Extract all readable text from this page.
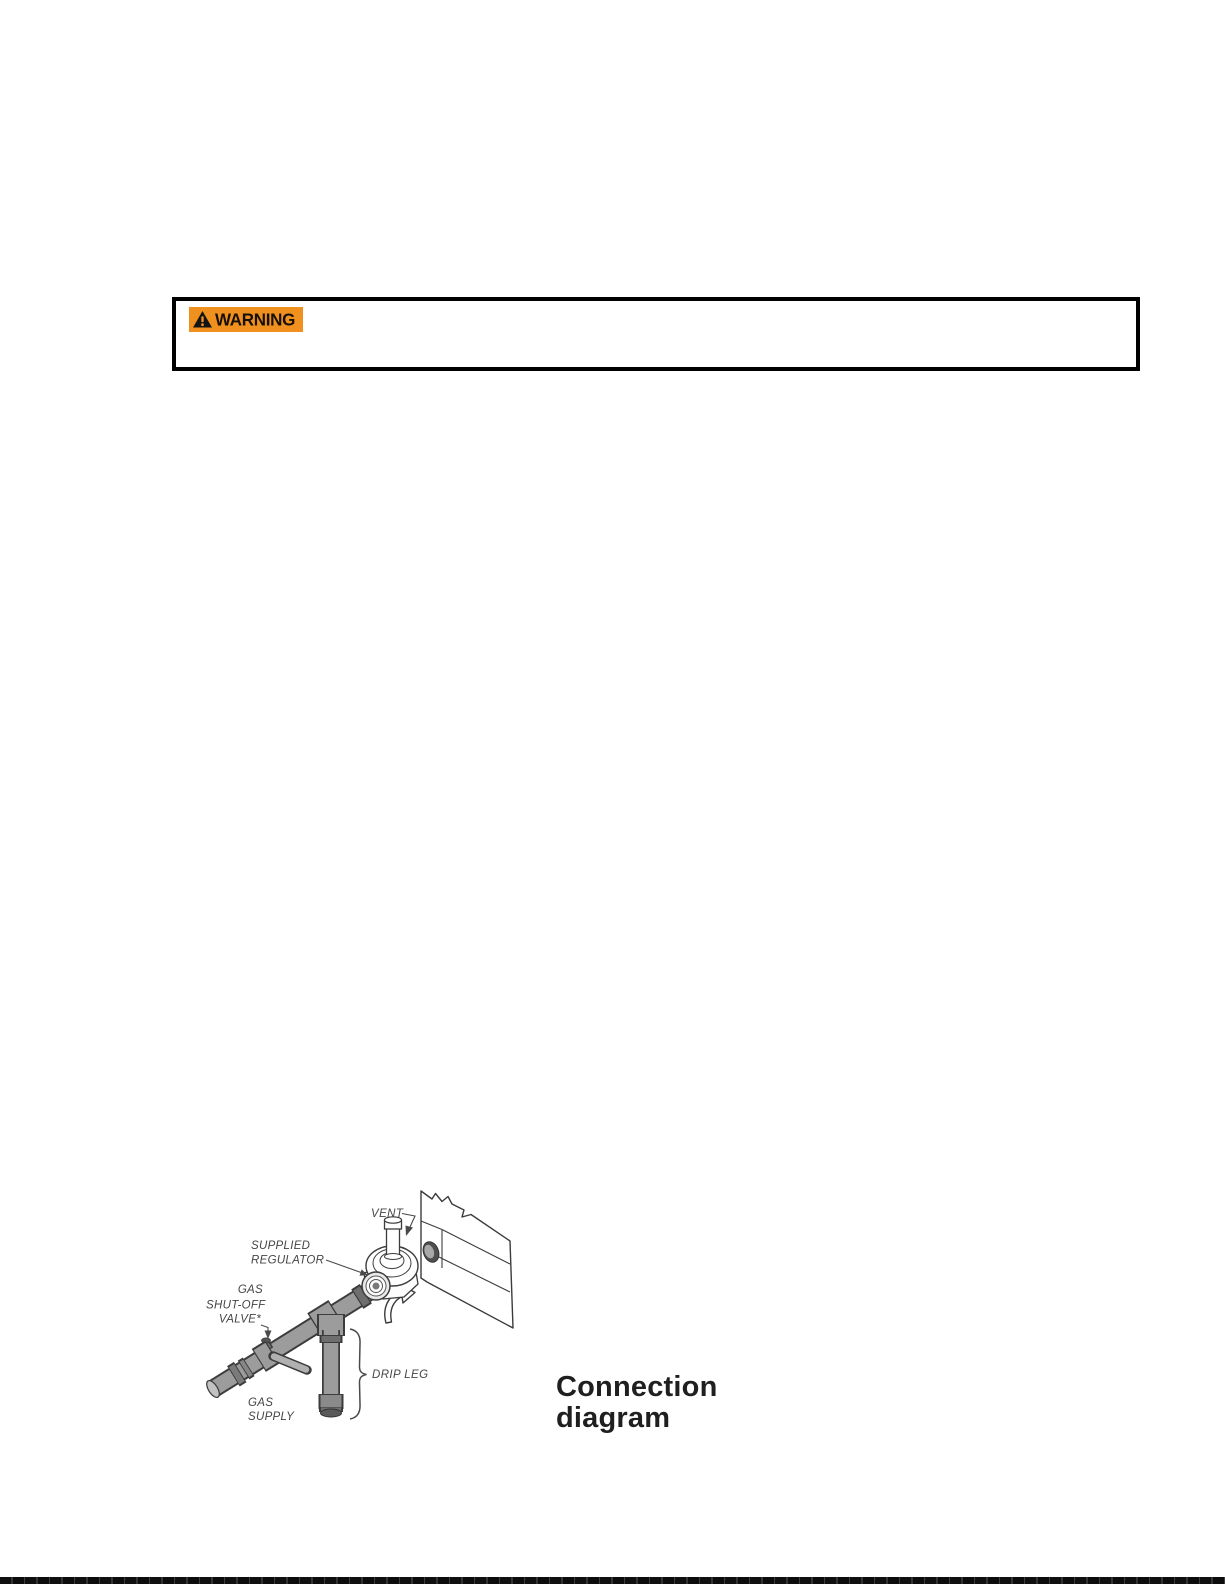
WARNING
VENT
SUPPLIED
REGULATOR
GAS
SHUT-OFF
VALVE*
DRIP LEG
GAS
SUPPLY
Connection
diagram
